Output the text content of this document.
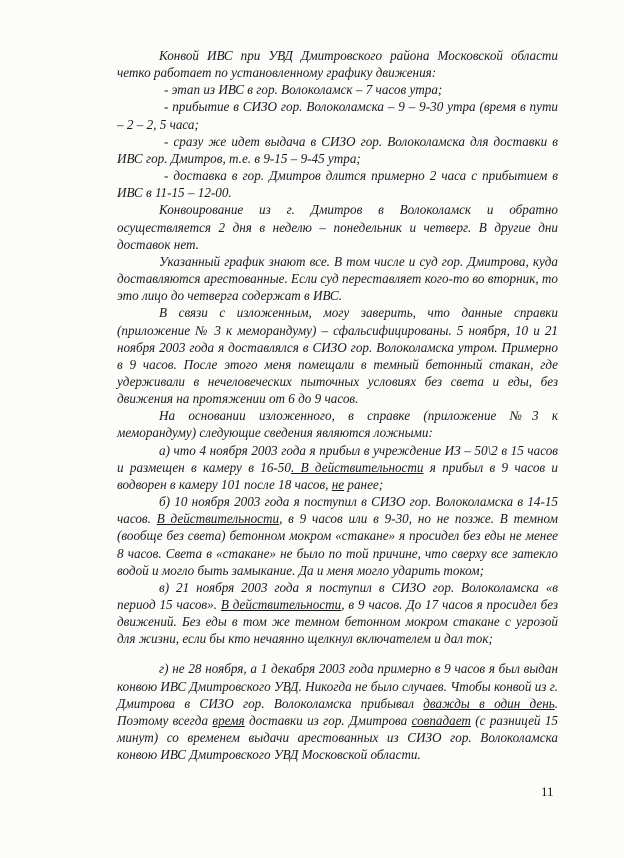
Конвой ИВС при УВД Дмитровского района Московской области четко работает по установленному графику движения:

- этап из ИВС в гор. Волоколамск – 7 часов утра;

- прибытие в СИЗО гор. Волоколамска – 9 – 9-30 утра (время в пути – 2 – 2, 5 часа;

- сразу же идет выдача в СИЗО гор. Волоколамска для доставки в ИВС гор. Дмитров, т.е. в 9-15 – 9-45 утра;

- доставка в гор. Дмитров длится примерно 2 часа с прибытием в ИВС в 11-15 – 12-00.

Конвоирование из г. Дмитров в Волоколамск и обратно осуществляется 2 дня в неделю – понедельник и четверг. В другие дни доставок нет.

Указанный график знают все. В том числе и суд гор. Дмитрова, куда доставляются арестованные. Если суд переставляет кого-то во вторник, то это лицо до четверга содержат в ИВС.

В связи с изложенным, могу заверить, что данные справки (приложение № 3 к меморандуму) – сфальсифицированы. 5 ноября, 10 и 21 ноября 2003 года я доставлялся в СИЗО гор. Волоколамска утром. Примерно в 9 часов. После этого меня помещали в темный бетонный стакан, где удерживали в нечеловеческих пыточных условиях без света и еды, без движения на протяжении от 6 до 9 часов.

На основании изложенного, в справке (приложение №3 к меморандуму) следующие сведения являются ложными:

а) что 4 ноября 2003 года я прибыл в учреждение ИЗ – 50\2 в 15 часов и размещен в камеру в 16-50. В действительности я прибыл в 9 часов и водворен в камеру 101 после 18 часов, не ранее;

б) 10 ноября 2003 года я поступил в СИЗО гор. Волоколамска в 14-15 часов. В действительности, в 9 часов или в 9-30, но не позже. В темном (вообще без света) бетонном мокром «стакане» я просидел без еды не менее 8 часов. Света в «стакане» не было по той причине, что сверху все затекло водой и могло быть замыкание. Да и меня могло ударить током;

в) 21 ноября 2003 года я поступил в СИЗО гор. Волоколамска «в период 15 часов». В действительности, в 9 часов. До 17 часов я просидел без движений. Без еды в том же темном бетонном мокром стакане с угрозой для жизни, если бы кто нечаянно щелкнул включателем и дал ток;

г) не 28 ноября, а 1 декабря 2003 года примерно в 9 часов я был выдан конвою ИВС Дмитровского УВД. Никогда не было случаев. Чтобы конвой из г. Дмитрова в СИЗО гор. Волоколамска прибывал дважды в один день. Поэтому всегда время доставки из гор. Дмитрова совпадает (с разницей 15 минут) со временем выдачи арестованных из СИЗО гор. Волоколамска конвою ИВС Дмитровского УВД Московской области.

11
